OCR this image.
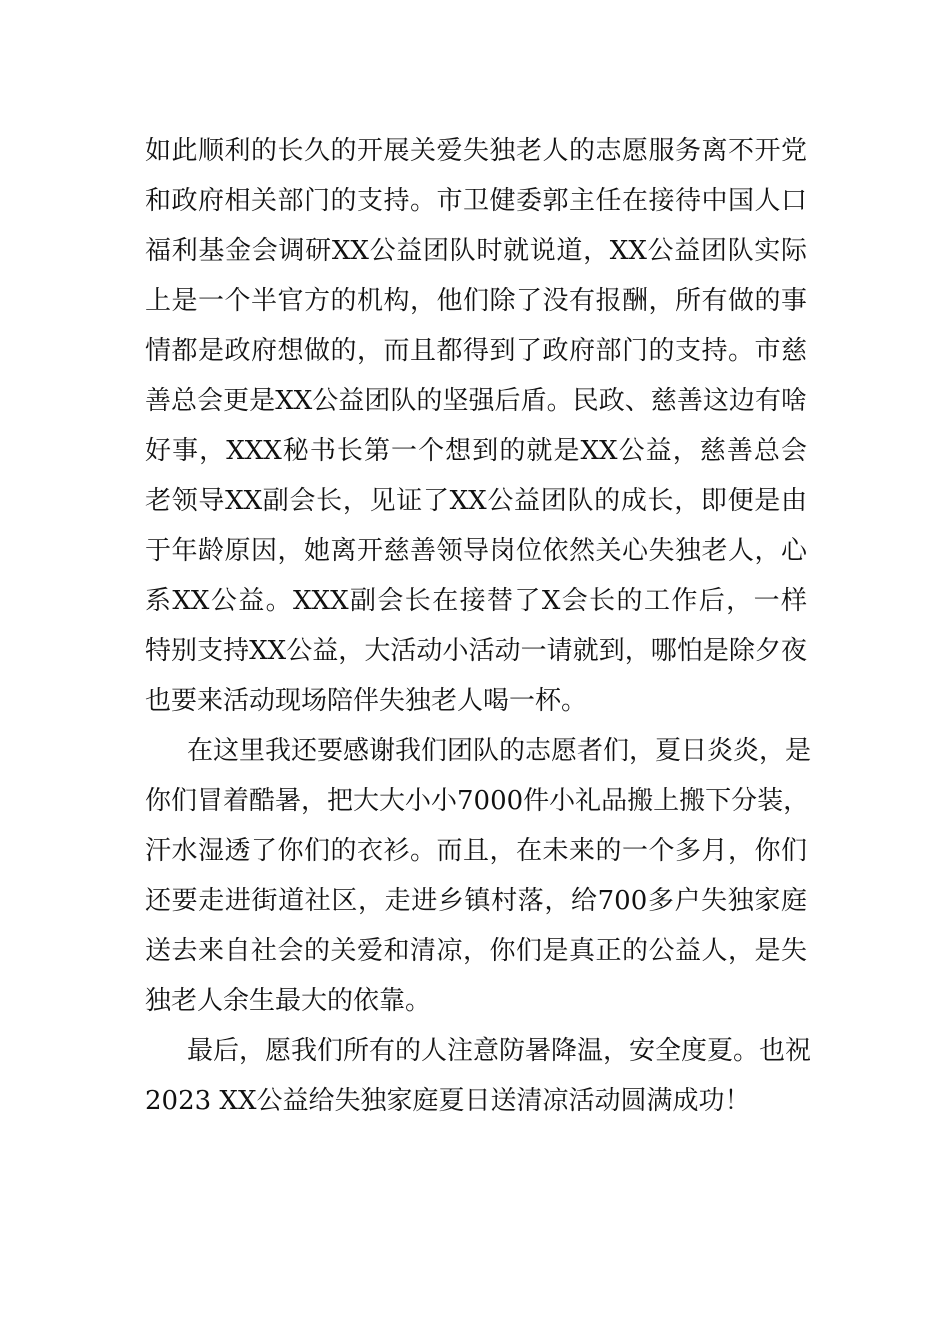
如此顺利的长久的开展关爱失独老人的志愿服务离不开党
和政府相关部门的支持。市卫健委郭主任在接待中国人口
福利基金会调研XX公益团队时就说道，XX公益团队实际
上是一个半官方的机构，他们除了没有报酬，所有做的事
情都是政府想做的，而且都得到了政府部门的支持。市慈
善总会更是XX公益团队的坚强后盾。民政、慈善这边有啥
好事，XXX秘书长第一个想到的就是XX公益，慈善总会
老领导XX副会长，见证了XX公益团队的成长，即便是由
于年龄原因，她离开慈善领导岗位依然关心失独老人，心
系XX公益。XXX副会长在接替了X会长的工作后，一样
特别支持XX公益，大活动小活动一请就到，哪怕是除夕夜
也要来活动现场陪伴失独老人喝一杯。
在这里我还要感谢我们团队的志愿者们，夏日炎炎，是
你们冒着酷暑，把大大小小7000件小礼品搬上搬下分装，
汗水湿透了你们的衣衫。而且，在未来的一个多月，你们
还要走进街道社区，走进乡镇村落，给700多户失独家庭
送去来自社会的关爱和清凉，你们是真正的公益人，是失
独老人余生最大的依靠。
最后，愿我们所有的人注意防暑降温，安全度夏。也祝
2023 XX公益给失独家庭夏日送清凉活动圆满成功！
